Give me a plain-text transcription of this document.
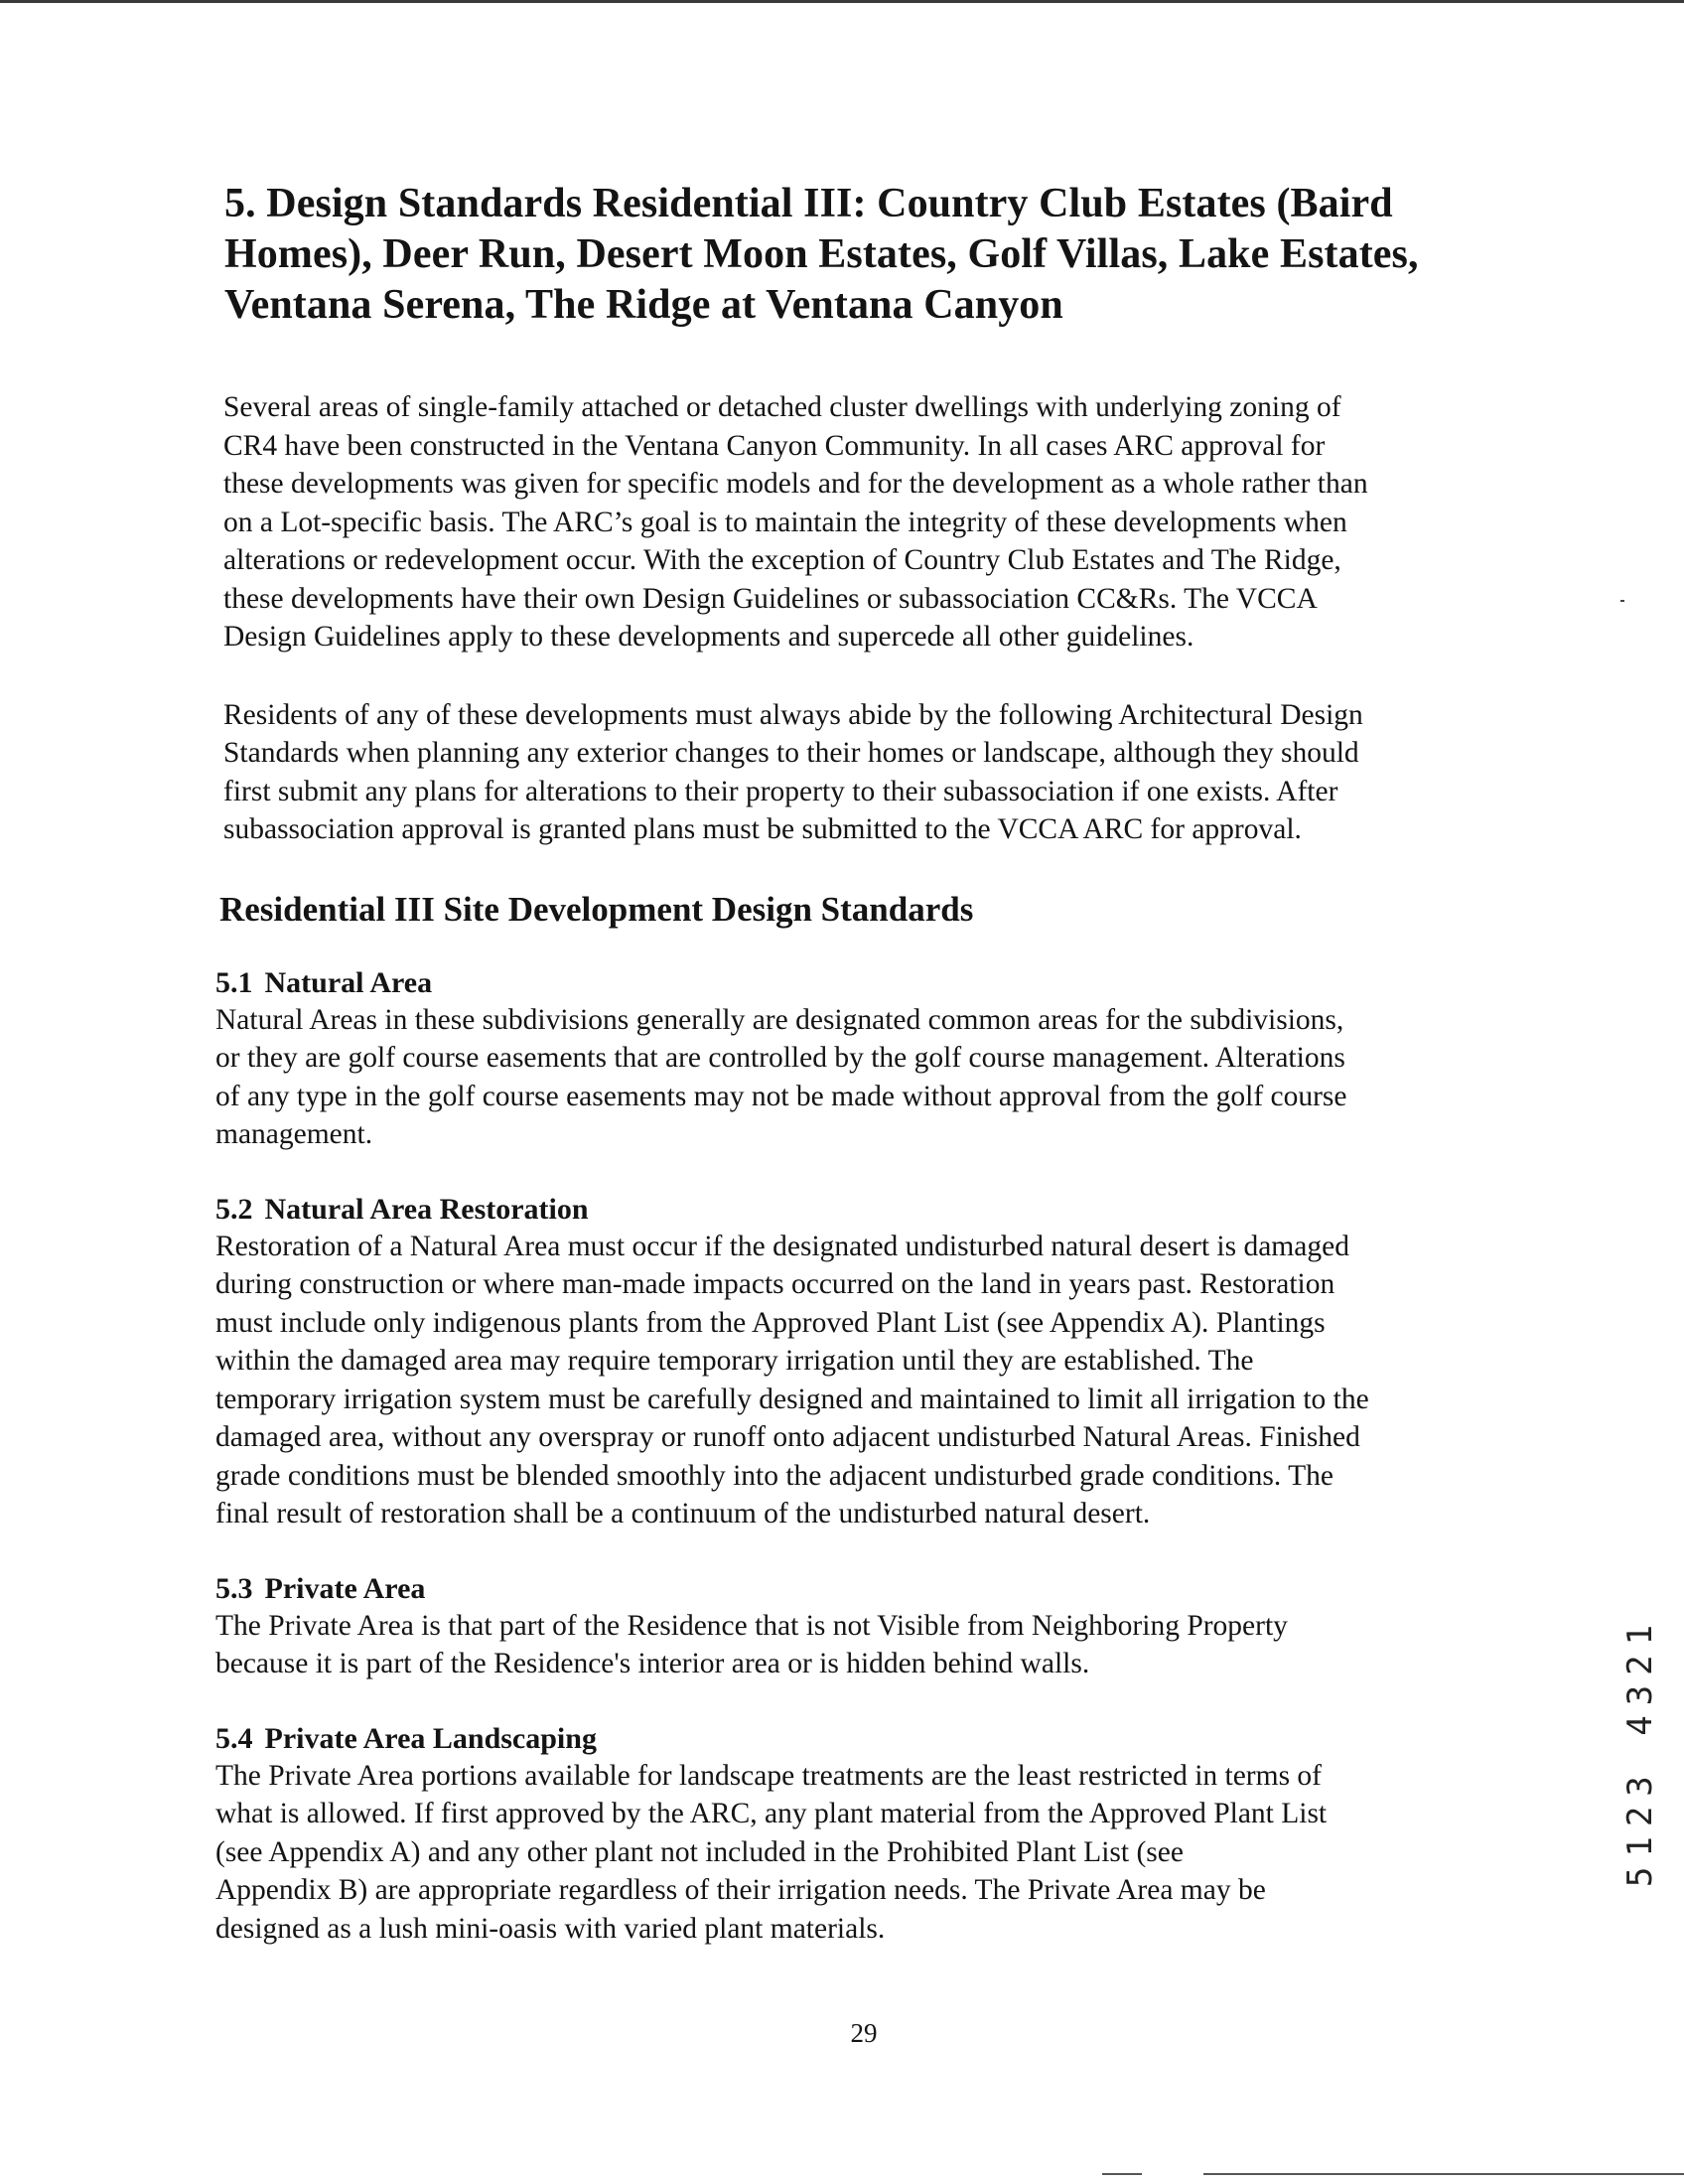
5. Design Standards Residential III: Country Club Estates (Baird
Homes), Deer Run, Desert Moon Estates, Golf Villas, Lake Estates,
Ventana Serena, The Ridge at Ventana Canyon
Several areas of single-family attached or detached cluster dwellings with underlying zoning of
CR4 have been constructed in the Ventana Canyon Community. In all cases ARC approval for
these developments was given for specific models and for the development as a whole rather than
on a Lot-specific basis. The ARC’s goal is to maintain the integrity of these developments when
alterations or redevelopment occur. With the exception of Country Club Estates and The Ridge,
these developments have their own Design Guidelines or subassociation CC&Rs. The VCCA
Design Guidelines apply to these developments and supercede all other guidelines.
Residents of any of these developments must always abide by the following Architectural Design
Standards when planning any exterior changes to their homes or landscape, although they should
first submit any plans for alterations to their property to their subassociation if one exists. After
subassociation approval is granted plans must be submitted to the VCCA ARC for approval.
Residential III Site Development Design Standards
5.1 Natural Area
Natural Areas in these subdivisions generally are designated common areas for the subdivisions,
or they are golf course easements that are controlled by the golf course management. Alterations
of any type in the golf course easements may not be made without approval from the golf course
management.
5.2 Natural Area Restoration
Restoration of a Natural Area must occur if the designated undisturbed natural desert is damaged
during construction or where man-made impacts occurred on the land in years past. Restoration
must include only indigenous plants from the Approved Plant List (see Appendix A). Plantings
within the damaged area may require temporary irrigation until they are established. The
temporary irrigation system must be carefully designed and maintained to limit all irrigation to the
damaged area, without any overspray or runoff onto adjacent undisturbed Natural Areas. Finished
grade conditions must be blended smoothly into the adjacent undisturbed grade conditions. The
final result of restoration shall be a continuum of the undisturbed natural desert.
5.3 Private Area
The Private Area is that part of the Residence that is not Visible from Neighboring Property
because it is part of the Residence's interior area or is hidden behind walls.
5.4 Private Area Landscaping
The Private Area portions available for landscape treatments are the least restricted in terms of
what is allowed. If first approved by the ARC, any plant material from the Approved Plant List
(see Appendix A) and any other plant not included in the Prohibited Plant List (see
Appendix B) are appropriate regardless of their irrigation needs. The Private Area may be
designed as a lush mini-oasis with varied plant materials.
29
5123 4321
